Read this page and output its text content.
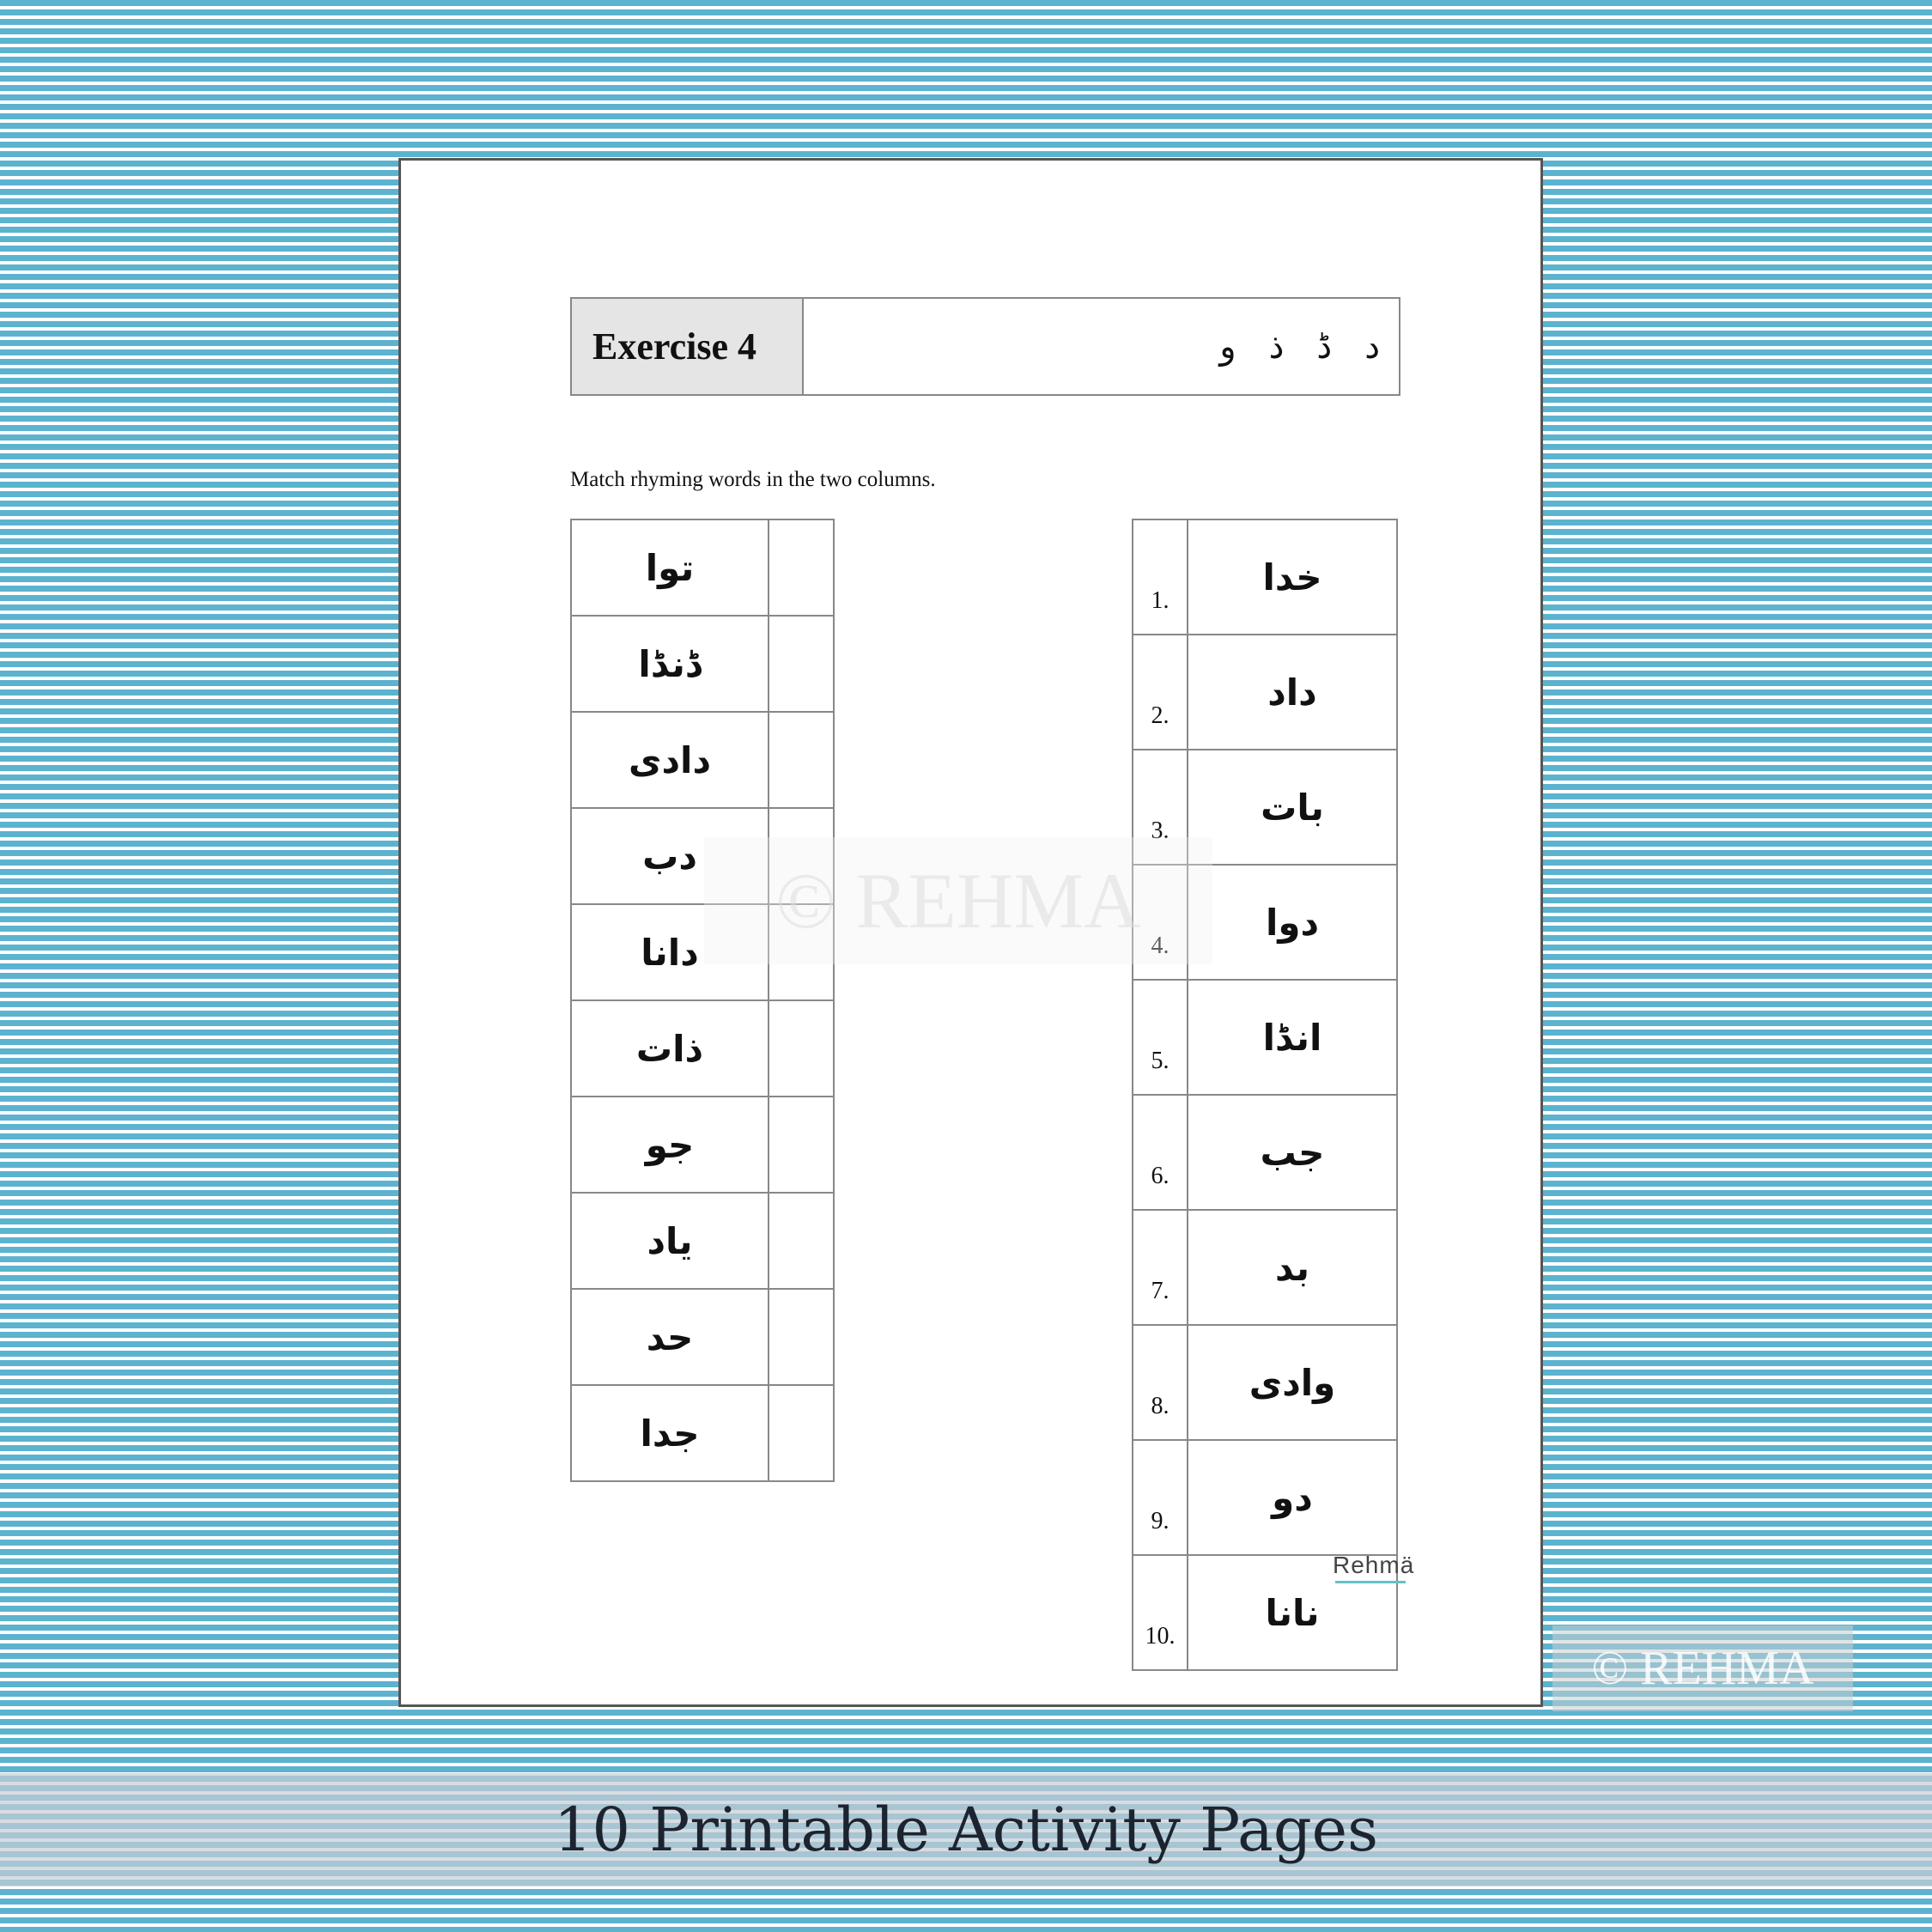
Exercise 4	و ذ ڈ د
Match rhyming words in the two columns.
توا	
ڈنڈا	
دادی	
دب	
دانا	
ذات	
جو	
یاد	
حد	
جدا	
1.	خدا
2.	داد
3.	بات
4.	دوا
5.	انڈا
6.	جب
7.	بد
8.	وادی
9.	دو
10.	نانا
Rehmä
© REHMA
© REHMA
10 Printable Activity Pages
